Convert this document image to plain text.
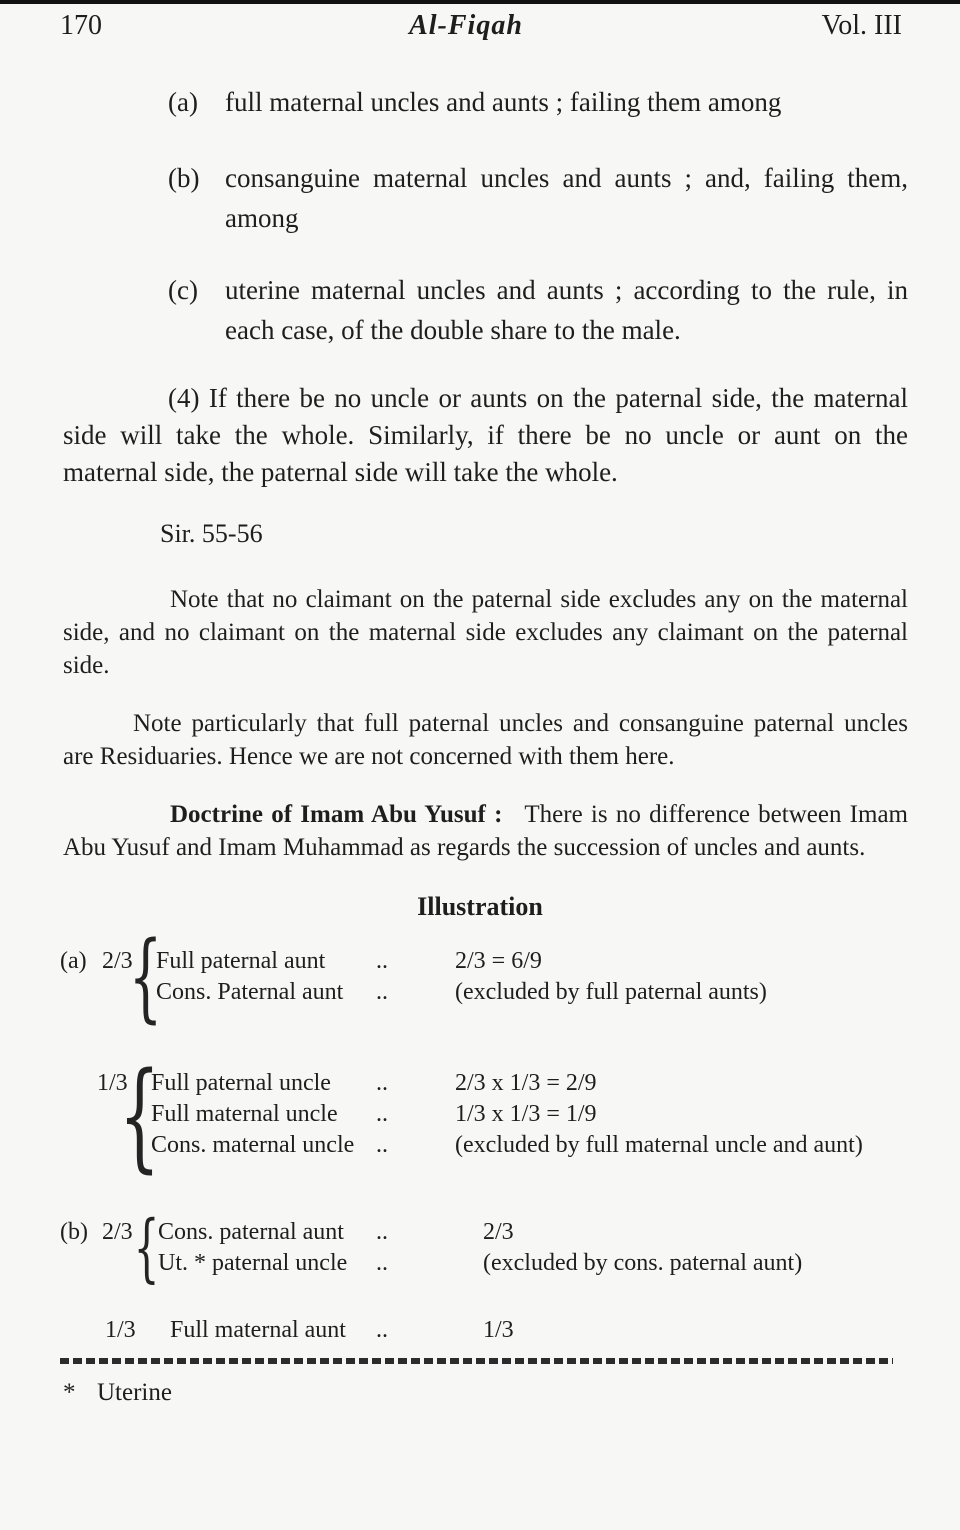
170	Al-Fiqah	Vol. III
(a) full maternal uncles and aunts ; failing them among
(b) consanguine maternal uncles and aunts ; and, failing them, among
(c) uterine maternal uncles and aunts ; according to the rule, in each case, of the double share to the male.

(4) If there be no uncle or aunts on the paternal side, the maternal side will take the whole. Similarly, if there be no uncle or aunt on the maternal side, the paternal side will take the whole.

Sir. 55-56

Note that no claimant on the paternal side excludes any on the maternal side, and no claimant on the maternal side excludes any claimant on the paternal side.

Note particularly that full paternal uncles and consanguine paternal uncles are Residuaries. Hence we are not concerned with them here.

Doctrine of Imam Abu Yusuf : There is no difference between Imam Abu Yusuf and Imam Muhammad as regards the succession of uncles and aunts.

Illustration
(a) 2/3
{
Full paternal aunt	..	2/3 = 6/9
Cons. Paternal aunt	..	(excluded by full paternal aunts)
1/3
{
Full paternal uncle	..	2/3 x 1/3 = 2/9
Full maternal uncle	..	1/3 x 1/3 = 1/9
Cons. maternal uncle ..	(excluded by full maternal uncle and aunt)
(b) 2/3 {
Cons. paternal aunt	..	2/3
Ut. * paternal uncle	..	(excluded by cons. paternal aunt)
1/3	Full maternal aunt	..	1/3
* Uterine
